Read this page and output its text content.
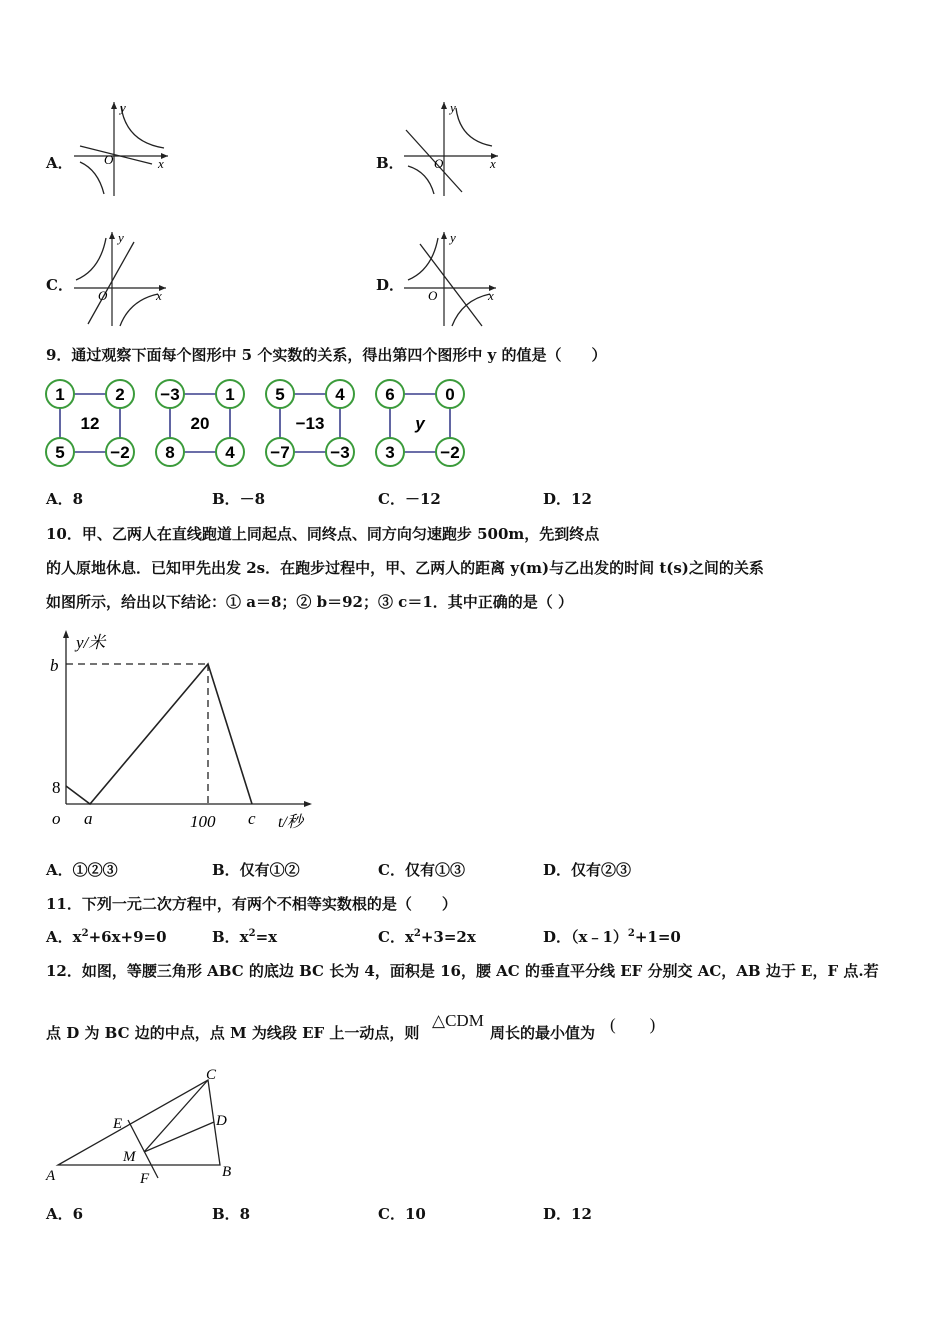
A． O	x
y
B． O	x
y
C．
O	x
y
D．
O	x
y
9．通过观察下面每个图形中 5 个实数的关系，得出第四个图形中 y 的值是（　　）
1	2
5	−2
12
−3	1
8	4
20
5	4
−7 −3
−13
6	0
3	−2
y
A．8	B．－8	C．－12	D．12
10．甲、乙两人在直线跑道上同起点、同终点、同方向匀速跑步 500m，先到终点
的人原地休息．已知甲先出发 2s．在跑步过程中，甲、乙两人的距离 y(m)与乙出发的时间 t(s)之间的关系
如图所示，给出以下结论：① a＝8；② b＝92；③ c＝1．其中正确的是（ ）
y/米
b
8
o a	100 c t/秒
A．①②③	B．仅有①②	C．仅有①③	D．仅有②③
11．下列一元二次方程中，有两个不相等实数根的是（　　）
A．$x^2+6x+9=0$	B．$x^2=x$	C．$x^2+3=2x$	D．（x﹣1）$^2$+1=0
12．如图，等腰三角形 ABC 的底边 BC 长为 4，面积是 16，腰 AC 的垂直平分线 EF 分别交 AC，AB 边于 E，F 点.若
点 D 为 BC 边的中点，点 M 为线段 EF 上一动点，则
△CDM
周长的最小值为 (　　)
A	B
C
D
E
F
M
A．6	B．8	C．10	D．12
